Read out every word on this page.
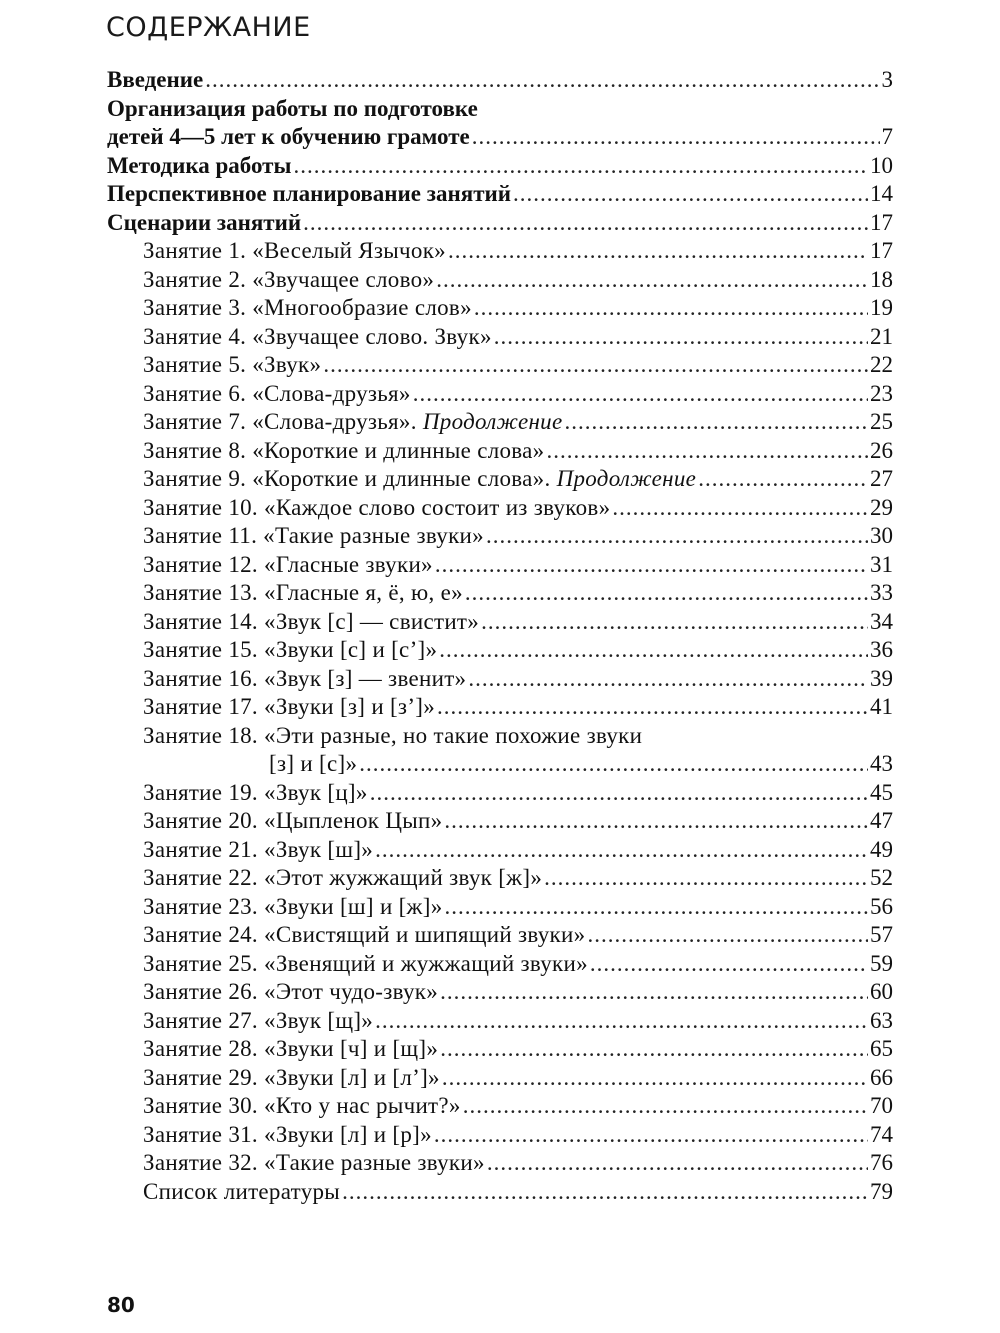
СОДЕРЖАНИЕ
Введение .....	3
Организация работы по подготовке
детей 4—5 лет к обучению грамоте .....	7
Методика работы .....	10
Перспективное планирование занятий .....	14
Сценарии занятий .....	17
Занятие 1. «Веселый Язычок» .....	17
Занятие 2. «Звучащее слово» .....	18
Занятие 3. «Многообразие слов» .....	19
Занятие 4. «Звучащее слово. Звук» .....	21
Занятие 5. «Звук» .....	22
Занятие 6. «Слова-друзья» .....	23
Занятие 7. «Слова-друзья». Продолжение .....	25
Занятие 8. «Короткие и длинные слова» .....	26
Занятие 9. «Короткие и длинные слова». Продолжение .....	27
Занятие 10. «Каждое слово состоит из звуков» .....	29
Занятие 11. «Такие разные звуки» .....	30
Занятие 12. «Гласные звуки» .....	31
Занятие 13. «Гласные я, ё, ю, е» .....	33
Занятие 14. «Звук [с] — свистит» .....	34
Занятие 15. «Звуки [с] и [с’]» .....	36
Занятие 16. «Звук [з] — звенит» .....	39
Занятие 17. «Звуки [з] и [з’]» .....	41
Занятие 18. «Эти разные, но такие похожие звуки
[з] и [с]» .....	43
Занятие 19. «Звук [ц]» .....	45
Занятие 20. «Цыпленок Цып» .....	47
Занятие 21. «Звук [ш]» .....	49
Занятие 22. «Этот жужжащий звук [ж]» .....	52
Занятие 23. «Звуки [ш] и [ж]» .....	56
Занятие 24. «Свистящий и шипящий звуки» .....	57
Занятие 25. «Звенящий и жужжащий звуки» .....	59
Занятие 26. «Этот чудо-звук» .....	60
Занятие 27. «Звук [щ]» .....	63
Занятие 28. «Звуки [ч] и [щ]» .....	65
Занятие 29. «Звуки [л] и [л’]» .....	66
Занятие 30. «Кто у нас рычит?» .....	70
Занятие 31. «Звуки [л] и [р]» .....	74
Занятие 32. «Такие разные звуки» .....	76
Список литературы .....	79
80
